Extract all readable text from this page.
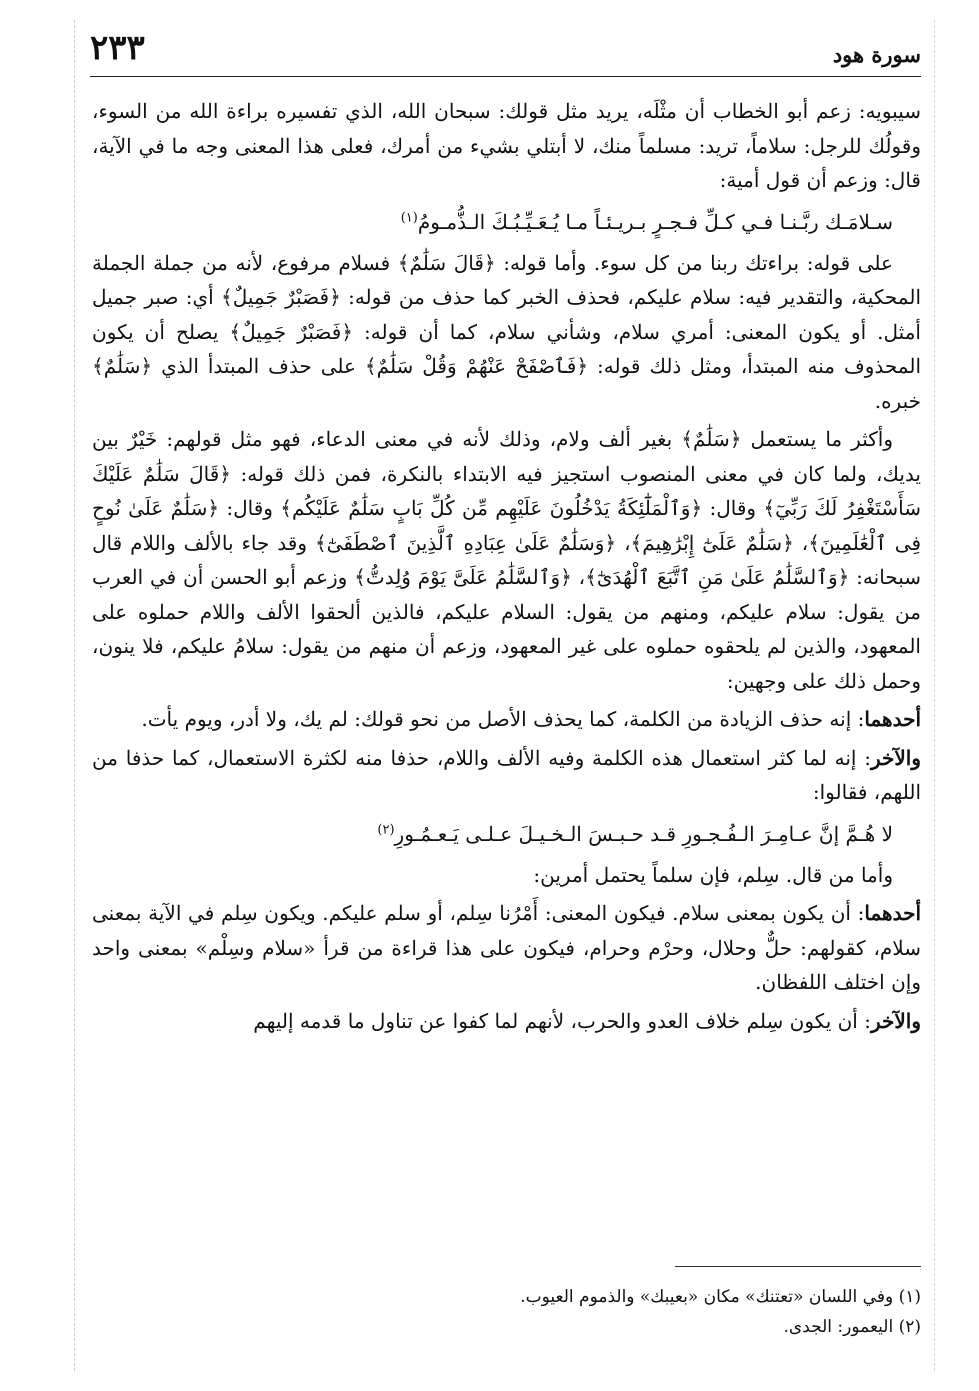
سورة هود
٢٣٣

سيبويه: زعم أبو الخطاب أن مثْلَه، يريد مثل قولك: سبحان الله، الذي تفسيره براءة الله من السوء، وقولُك للرجل: سلاماً، تريد: مسلماً منك، لا أبتلي بشيء من أمرك، فعلى هذا المعنى وجه ما في الآية، قال: وزعم أن قول أمية:

سـلامَـك ربَّـنـا فـي كـلِّ فـجـرٍ بـريـئـاً مـا يُـعَـيِّـبُـكَ الـذُّمـومُ$^{(١)}$

على قوله: براءتك ربنا من كل سوء. وأما قوله: ﴿قَالَ سَلَٰمٌ﴾ فسلام مرفوع، لأنه من جملة الجملة المحكية، والتقدير فيه: سلام عليكم، فحذف الخبر كما حذف من قوله: ﴿فَصَبْرٌ جَمِيلٌ﴾ أي: صبر جميل أمثل. أو يكون المعنى: أمري سلام، وشأني سلام، كما أن قوله: ﴿فَصَبْرٌ جَمِيلٌ﴾ يصلح أن يكون المحذوف منه المبتدأ، ومثل ذلك قوله: ﴿فَٱصْفَحْ عَنْهُمْ وَقُلْ سَلَٰمٌ﴾ على حذف المبتدأ الذي ﴿سَلَٰمٌ﴾ خبره.

وأكثر ما يستعمل ﴿سَلَٰمٌ﴾ بغير ألف ولام، وذلك لأنه في معنى الدعاء، فهو مثل قولهم: خَيْرٌ بين يديك، ولما كان في معنى المنصوب استجيز فيه الابتداء بالنكرة، فمن ذلك قوله: ﴿قَالَ سَلَٰمٌ عَلَيْكَ سَأَسْتَغْفِرُ لَكَ رَبِّيٓ﴾ وقال: ﴿وَٱلْمَلَٰٓئِكَةُ يَدْخُلُونَ عَلَيْهِم مِّن كُلِّ بَابٍ سَلَٰمٌ عَلَيْكُم﴾ وقال: ﴿سَلَٰمٌ عَلَىٰ نُوحٍ فِى ٱلْعَٰلَمِينَ﴾، ﴿سَلَٰمٌ عَلَىٰٓ إِبْرَٰهِيمَ﴾، ﴿وَسَلَٰمٌ عَلَىٰ عِبَادِهِ ٱلَّذِينَ ٱصْطَفَىٰٓ﴾ وقد جاء بالألف واللام قال سبحانه: ﴿وَٱلسَّلَٰمُ عَلَىٰ مَنِ ٱتَّبَعَ ٱلْهُدَىٰٓ﴾، ﴿وَٱلسَّلَٰمُ عَلَىَّ يَوْمَ وُلِدتُّ﴾ وزعم أبو الحسن أن في العرب من يقول: سلام عليكم، ومنهم من يقول: السلام عليكم، فالذين ألحقوا الألف واللام حملوه على المعهود، والذين لم يلحقوه حملوه على غير المعهود، وزعم أن منهم من يقول: سلامُ عليكم، فلا ينون، وحمل ذلك على وجهين:

أحدهما: إنه حذف الزيادة من الكلمة، كما يحذف الأصل من نحو قولك: لم يك، ولا أدر، ويوم يأت.

والآخر: إنه لما كثر استعمال هذه الكلمة وفيه الألف واللام، حذفا منه لكثرة الاستعمال، كما حذفا من اللهم، فقالوا:

لا هُـمَّ إنَّ عـامِـرَ الـفُـجـورِ قـد حـبـسَ الـخـيـلَ عـلـى يَـعـمُـورِ$^{(٢)}$

وأما من قال. سِلم، فإن سلماً يحتمل أمرين:

أحدهما: أن يكون بمعنى سلام. فيكون المعنى: أَمْرُنا سِلم، أو سلم عليكم. ويكون سِلم في الآية بمعنى سلام، كقولهم: حلٌّ وحلال، وحرْم وحرام، فيكون على هذا قراءة من قرأ «سلام وسِلْم» بمعنى واحد وإن اختلف اللفظان.

والآخر: أن يكون سِلم خلاف العدو والحرب، لأنهم لما كفوا عن تناول ما قدمه إليهم

(١) وفي اللسان «تعتنك» مكان «بعيبك» والذموم العيوب.

(٢) اليعمور: الجدى.
